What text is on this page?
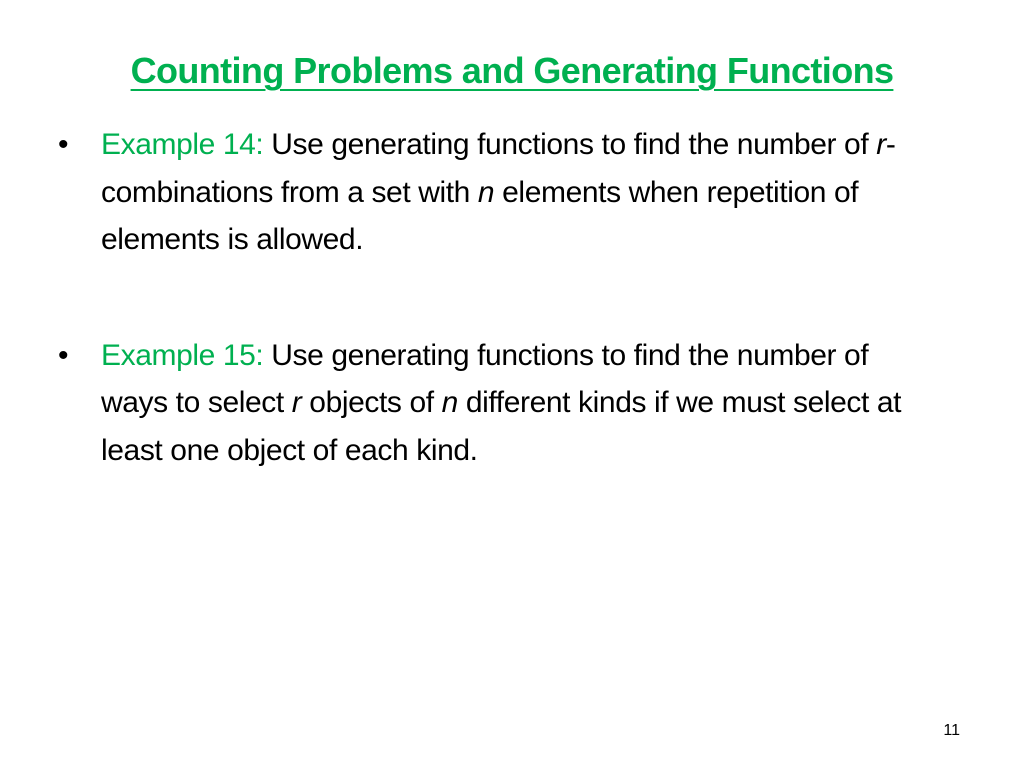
Counting Problems and Generating Functions
•	Example 14: Use generating functions to find the number of r-combinations from a set with n elements when repetition of elements is allowed.
•	Example 15: Use generating functions to find the number of ways to select r objects of n different kinds if we must select at least one object of each kind.
11
